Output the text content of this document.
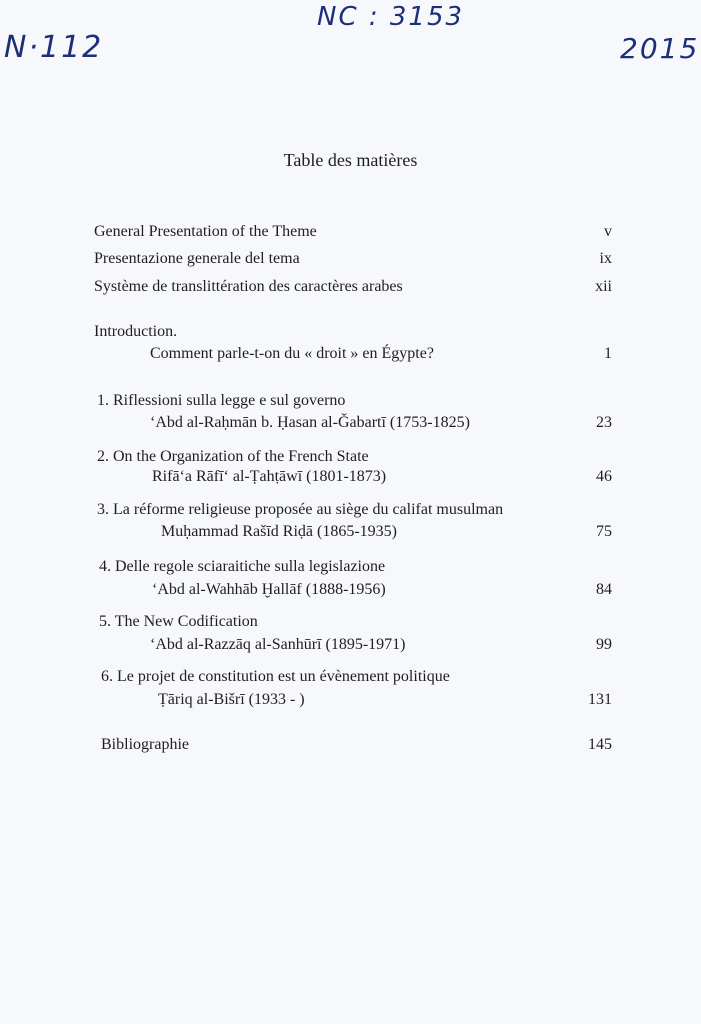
N·112

NC : 3153

2015

Table des matières
General Presentation of the Theme	v
Presentazione generale del tema	ix
Système de translittération des caractères arabes	xii
Introduction.
Comment parle-t-on du « droit » en Égypte?	1
1. Riflessioni sulla legge e sul governo
ʻAbd al-Raḥmān b. Ḥasan al-Ǧabartī (1753-1825)	23
2. On the Organization of the French State
Rifāʻa Rāfīʻ al-Ṭahṭāwī (1801-1873)	46
3. La réforme religieuse proposée au siège du califat musulman
Muḥammad Rašīd Riḍā (1865-1935)	75
4. Delle regole sciaraitiche sulla legislazione
ʻAbd al-Wahhāb Ḫallāf (1888-1956)	84
5. The New Codification
ʻAbd al-Razzāq al-Sanhūrī (1895-1971)	99
6. Le projet de constitution est un évènement politique
Ṭāriq al-Bišrī (1933 - )	131
Bibliographie	145
